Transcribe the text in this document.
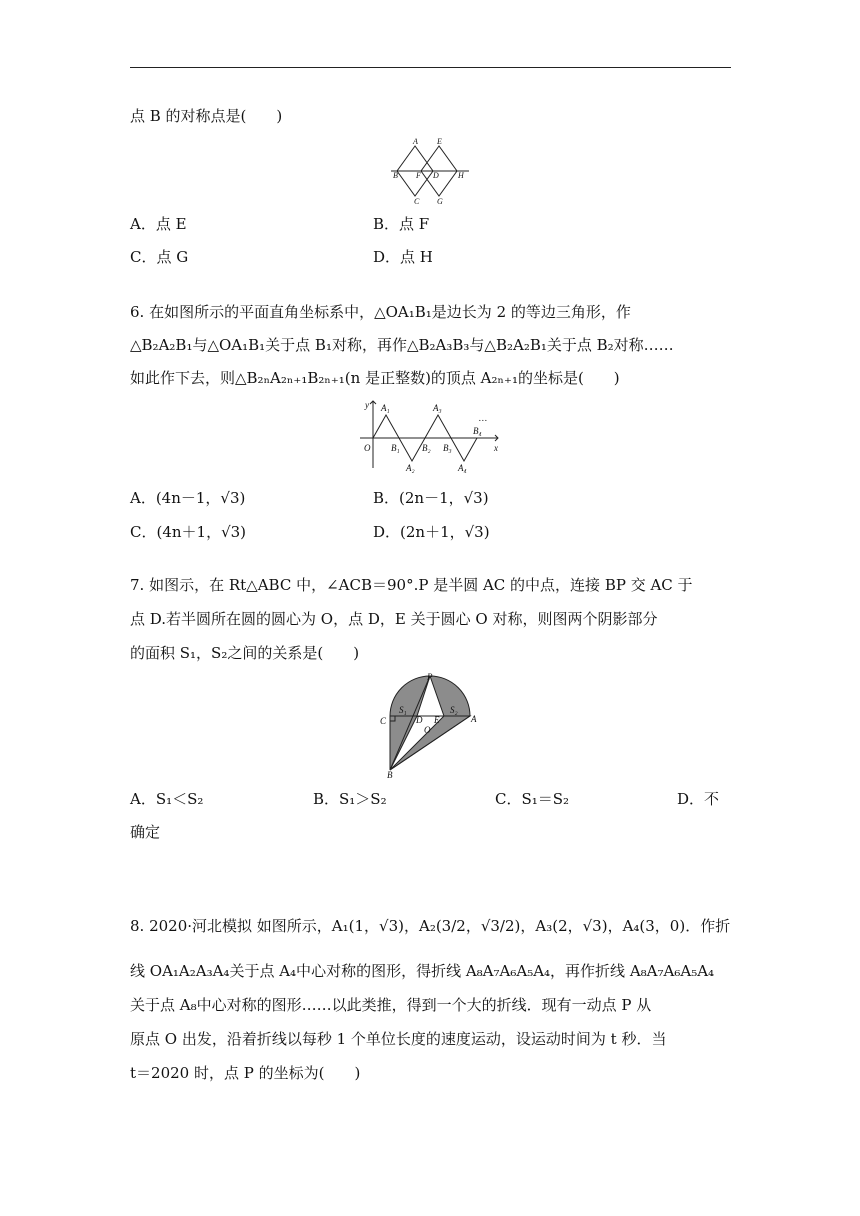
点 B 的对称点是(　　)
A E
B F D H
C G
A．点 E	B．点 F
C．点 G	D．点 H
6. 在如图所示的平面直角坐标系中，△OA₁B₁是边长为 2 的等边三角形，作
△B₂A₂B₁与△OA₁B₁关于点 B₁对称，再作△B₂A₃B₃与△B₂A₂B₁关于点 B₂对称……
如此作下去，则△B₂ₙA₂ₙ₊₁B₂ₙ₊₁(n 是正整数)的顶点 A₂ₙ₊₁的坐标是(　　)
y A₁	A₃
…
B₄
x
O B₁ B₂ B₃
A₂	A₄
A．(4n－1，√3)	B．(2n－1，√3)
C．(4n＋1，√3)	D．(2n＋1，√3)
7. 如图示，在 Rt△ABC 中，∠ACB＝90°.P 是半圆 AC 的中点，连接 BP 交 AC 于
点 D.若半圆所在圆的圆心为 O，点 D，E 关于圆心 O 对称，则图两个阴影部分
的面积 S₁，S₂之间的关系是(　　)
P
C
S₁
D E
S₂
A
O
B
A．S₁＜S₂	B．S₁＞S₂	C．S₁＝S₂	D．不
确定
8. 2020·河北模拟 如图所示，A₁(1，√3)，A₂(3/2，√3/2)，A₃(2，√3)，A₄(3，0)．作折
线 OA₁A₂A₃A₄关于点 A₄中心对称的图形，得折线 A₈A₇A₆A₅A₄，再作折线 A₈A₇A₆A₅A₄
关于点 A₈中心对称的图形……以此类推，得到一个大的折线．现有一动点 P 从
原点 O 出发，沿着折线以每秒 1 个单位长度的速度运动，设运动时间为 t 秒．当
t＝2020 时，点 P 的坐标为(　　)
